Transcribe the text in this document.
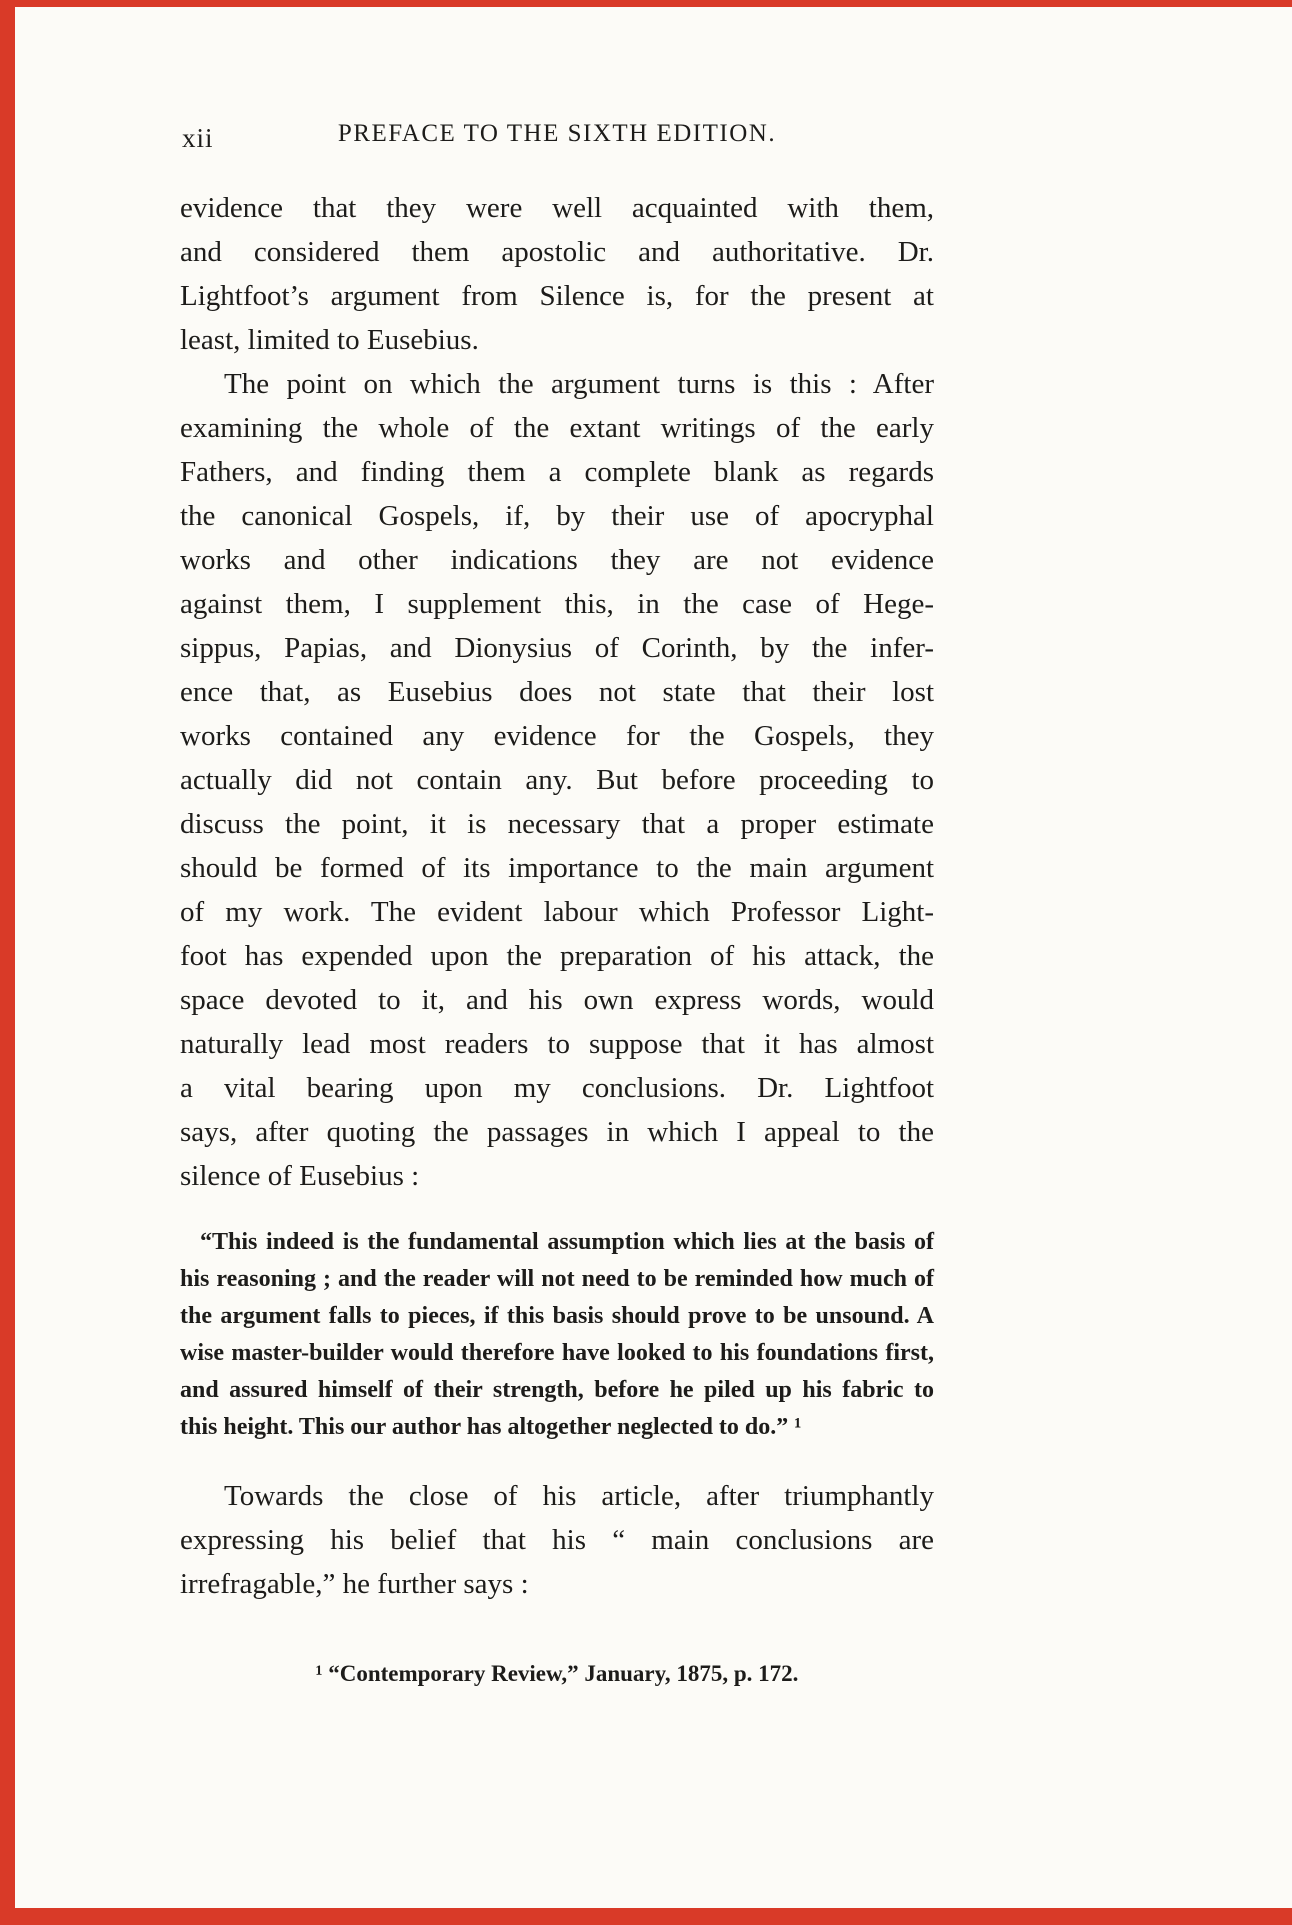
xii	PREFACE TO THE SIXTH EDITION.

evidence that they were well acquainted with them,
and considered them apostolic and authoritative. Dr.
Lightfoot’s argument from Silence is, for the present at
least, limited to Eusebius.

The point on which the argument turns is this : After
examining the whole of the extant writings of the early
Fathers, and finding them a complete blank as regards
the canonical Gospels, if, by their use of apocryphal
works and other indications they are not evidence
against them, I supplement this, in the case of Hege-
sippus, Papias, and Dionysius of Corinth, by the infer-
ence that, as Eusebius does not state that their lost
works contained any evidence for the Gospels, they
actually did not contain any. But before proceeding to
discuss the point, it is necessary that a proper estimate
should be formed of its importance to the main argument
of my work. The evident labour which Professor Light-
foot has expended upon the preparation of his attack, the
space devoted to it, and his own express words, would
naturally lead most readers to suppose that it has almost
a vital bearing upon my conclusions. Dr. Lightfoot
says, after quoting the passages in which I appeal to the
silence of Eusebius :

“This indeed is the fundamental assumption which lies at the basis of
his reasoning ; and the reader will not need to be reminded how much of
the argument falls to pieces, if this basis should prove to be unsound. A
wise master-builder would therefore have looked to his foundations first,
and assured himself of their strength, before he piled up his fabric to
this height. This our author has altogether neglected to do.” ¹

Towards the close of his article, after triumphantly
expressing his belief that his “ main conclusions are
irrefragable,” he further says :

¹ “Contemporary Review,” January, 1875, p. 172.
